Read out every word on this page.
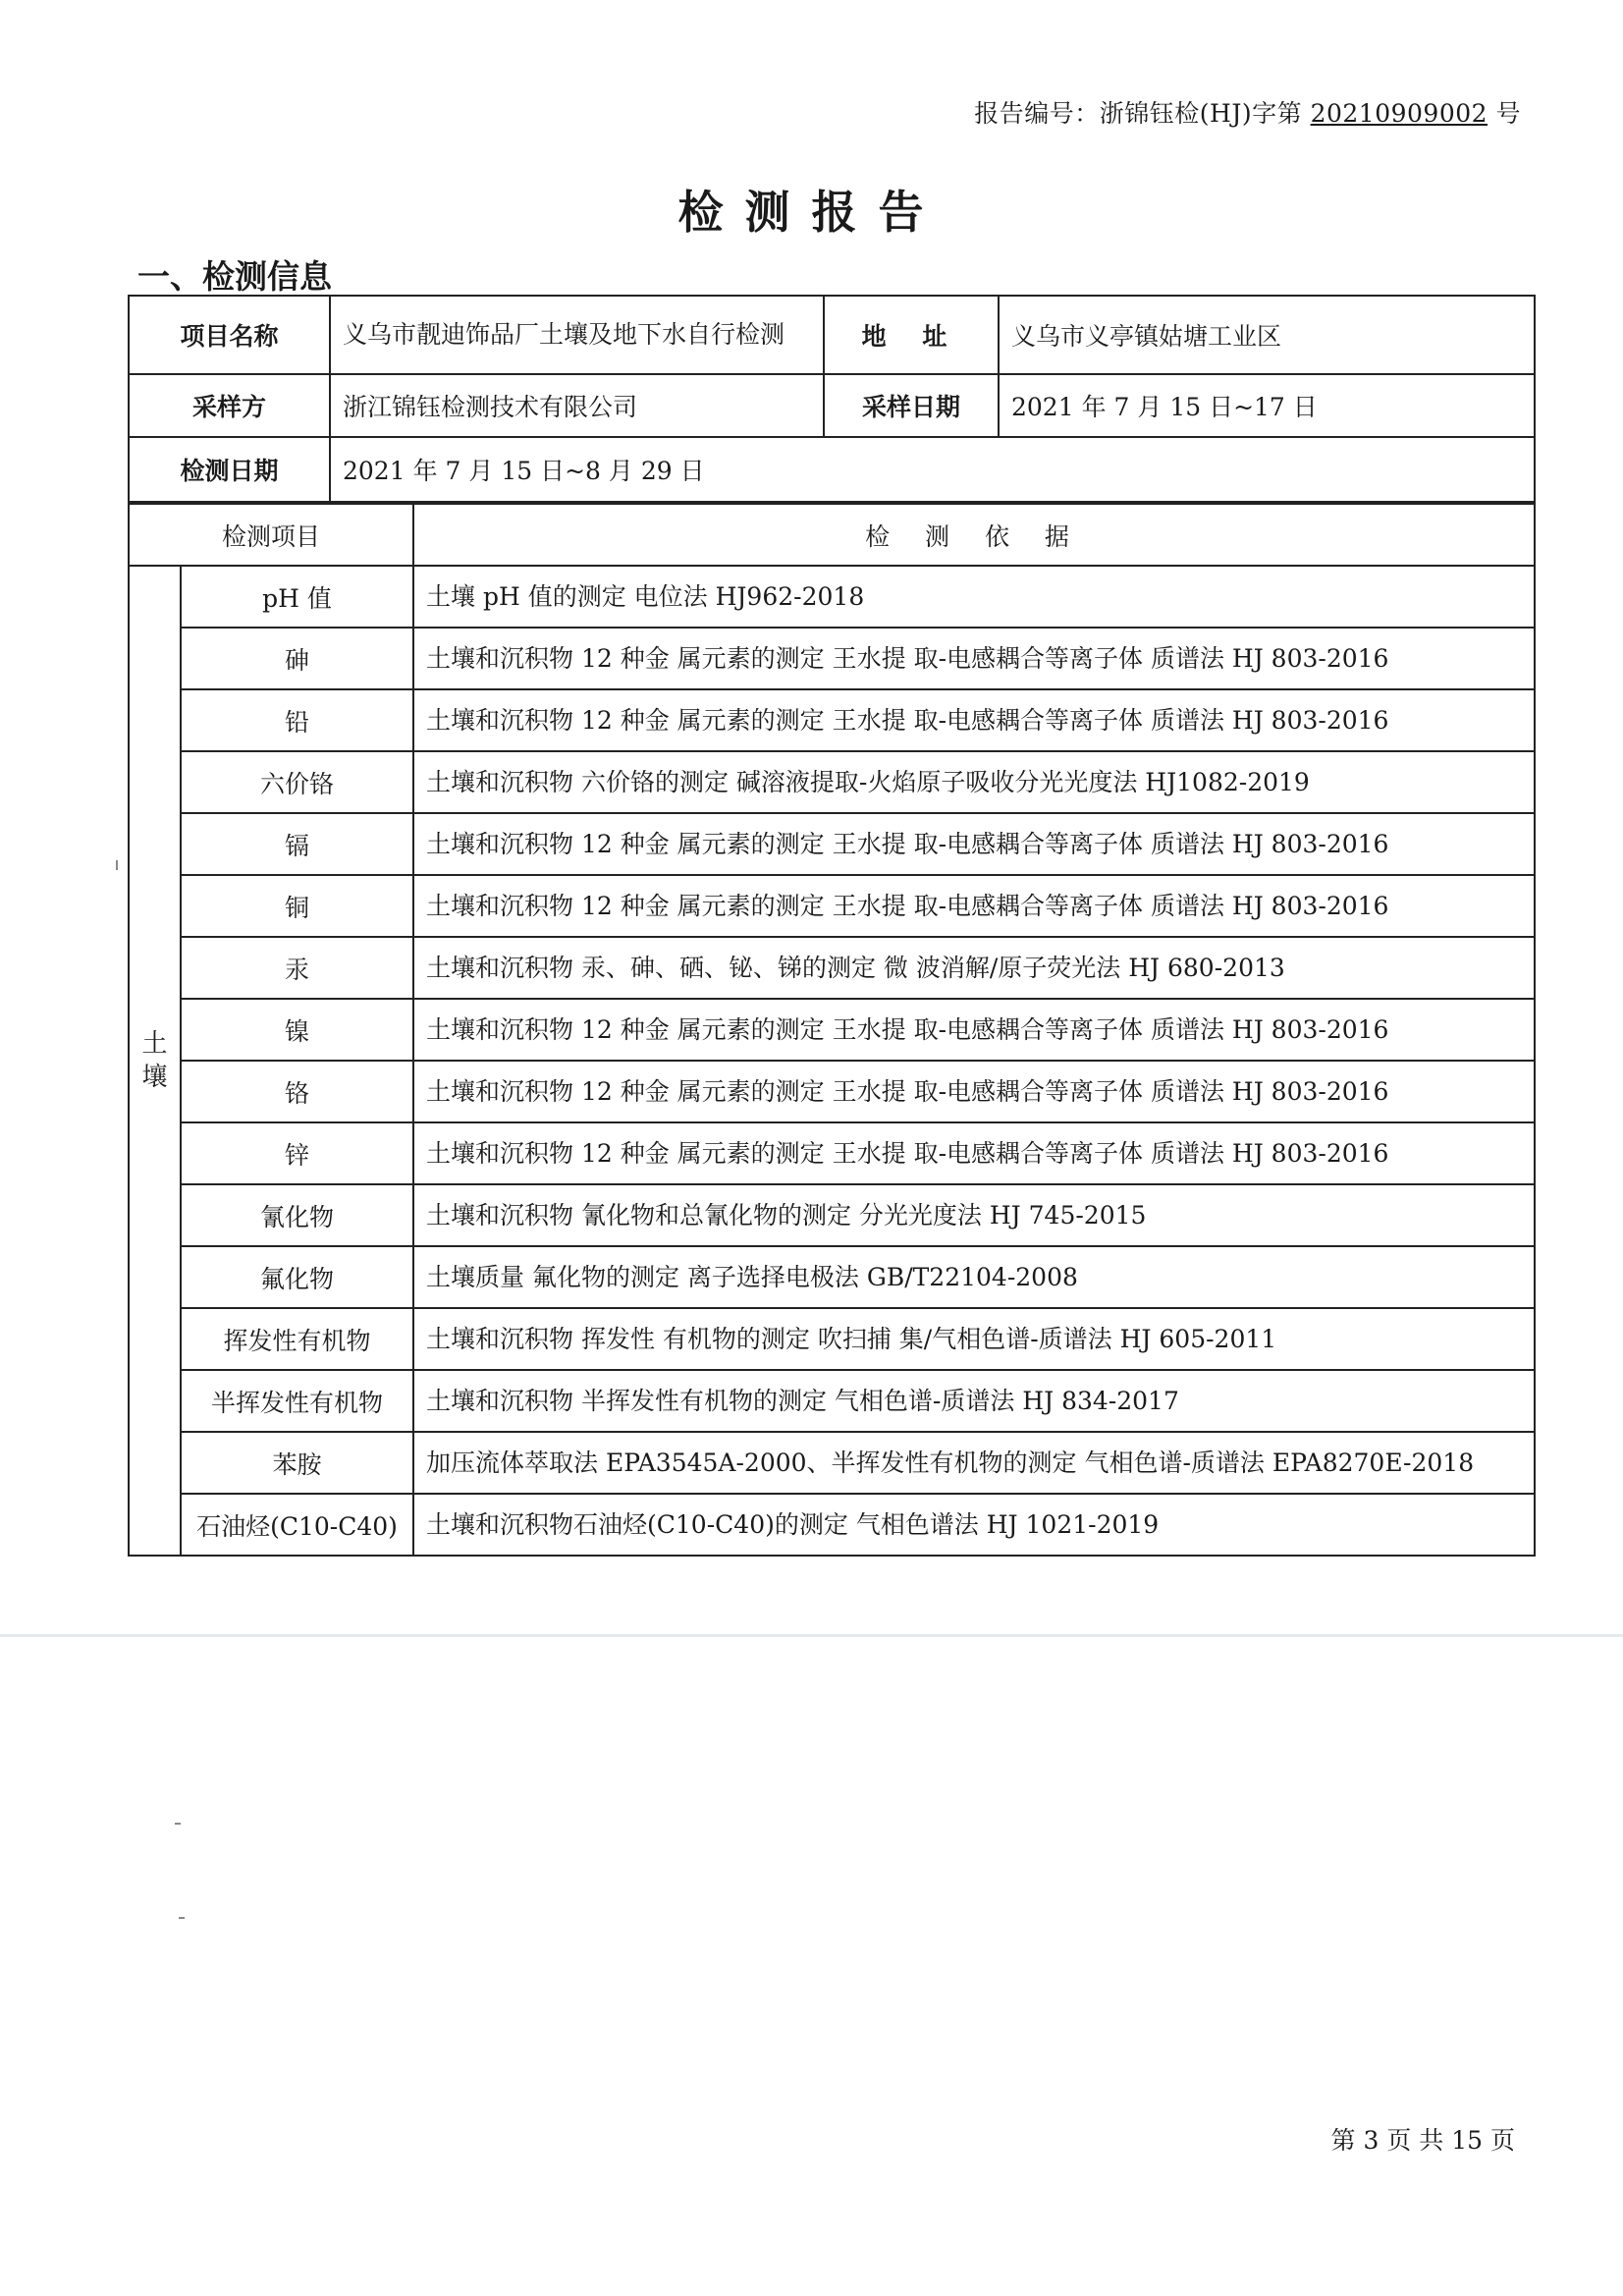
报告编号：浙锦钰检(HJ)字第 20210909002 号
检测报告
一、检测信息
项目名称	义乌市靓迪饰品厂土壤及地下水自行检测	地 址	义乌市义亭镇姑塘工业区
采样方	浙江锦钰检测技术有限公司	采样日期	2021 年 7 月 15 日~17 日
检测日期	2021 年 7 月 15 日~8 月 29 日		
检测项目		检 测 依 据
土
壤	pH 值	土壤 pH 值的测定 电位法 HJ962-2018
	砷	土壤和沉积物 12 种金 属元素的测定 王水提 取-电感耦合等离子体 质谱法 HJ 803-2016
	铅	土壤和沉积物 12 种金 属元素的测定 王水提 取-电感耦合等离子体 质谱法 HJ 803-2016
	六价铬	土壤和沉积物 六价铬的测定 碱溶液提取-火焰原子吸收分光光度法 HJ1082-2019
	镉	土壤和沉积物 12 种金 属元素的测定 王水提 取-电感耦合等离子体 质谱法 HJ 803-2016
	铜	土壤和沉积物 12 种金 属元素的测定 王水提 取-电感耦合等离子体 质谱法 HJ 803-2016
	汞	土壤和沉积物 汞、砷、硒、铋、锑的测定 微 波消解/原子荧光法 HJ 680-2013
	镍	土壤和沉积物 12 种金 属元素的测定 王水提 取-电感耦合等离子体 质谱法 HJ 803-2016
	铬	土壤和沉积物 12 种金 属元素的测定 王水提 取-电感耦合等离子体 质谱法 HJ 803-2016
	锌	土壤和沉积物 12 种金 属元素的测定 王水提 取-电感耦合等离子体 质谱法 HJ 803-2016
	氰化物	土壤和沉积物 氰化物和总氰化物的测定 分光光度法 HJ 745-2015
	氟化物	土壤质量 氟化物的测定 离子选择电极法 GB/T22104-2008
	挥发性有机物	土壤和沉积物 挥发性 有机物的测定 吹扫捕 集/气相色谱-质谱法 HJ 605-2011
	半挥发性有机物	土壤和沉积物 半挥发性有机物的测定 气相色谱-质谱法 HJ 834-2017
	苯胺	加压流体萃取法 EPA3545A-2000、半挥发性有机物的测定 气相色谱-质谱法 EPA8270E-2018
	石油烃(C10-C40)	土壤和沉积物石油烃(C10-C40)的测定 气相色谱法 HJ 1021-2019
第 3 页 共 15 页
